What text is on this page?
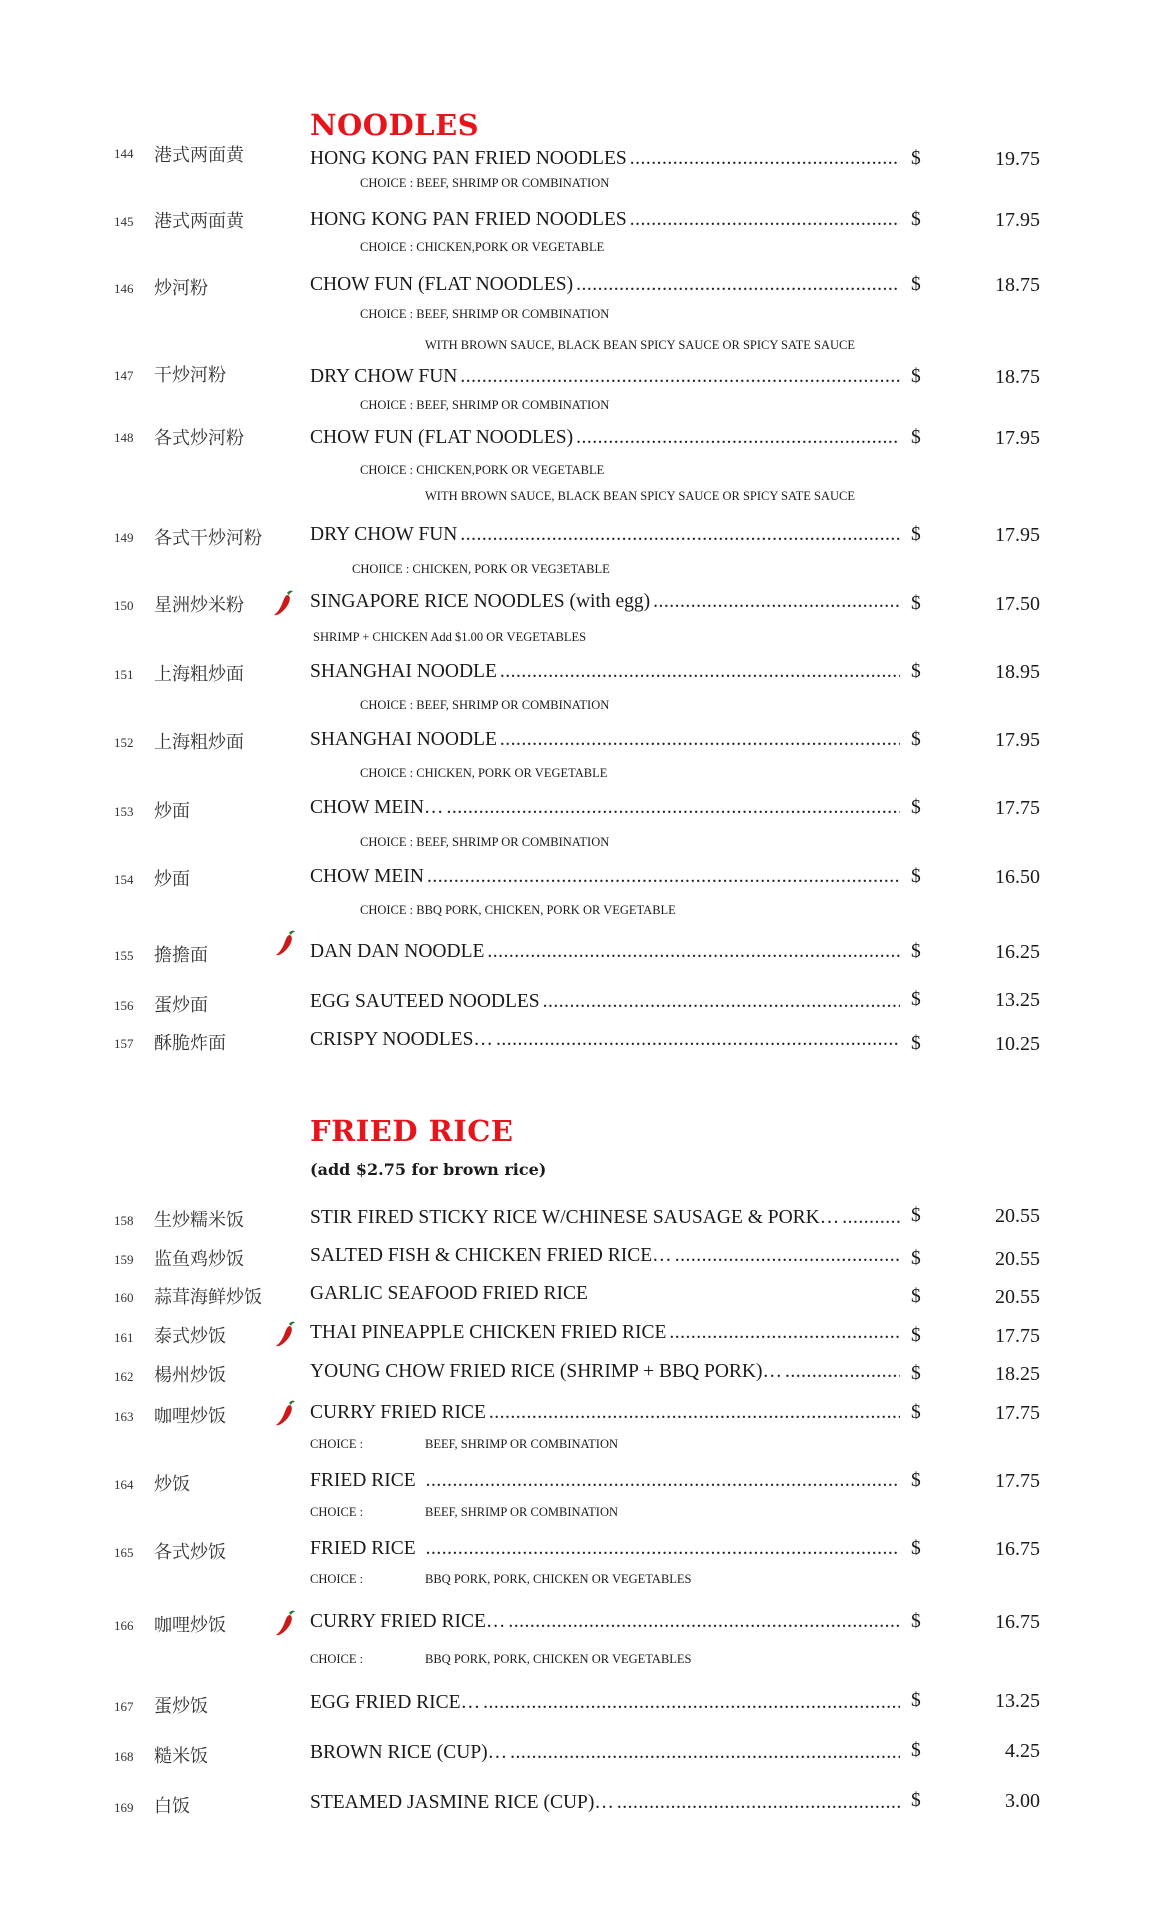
NOODLES
144 港式两面黄	HONG KONG PAN FRIED NOODLES .....	$	19.75
CHOICE : BEEF, SHRIMP OR COMBINATION
145 港式两面黄	HONG KONG PAN FRIED NOODLES .....	$	17.95
CHOICE : CHICKEN,PORK OR VEGETABLE
146 炒河粉	CHOW FUN (FLAT NOODLES) .....	$	18.75
CHOICE : BEEF, SHRIMP OR COMBINATION
WITH BROWN SAUCE, BLACK BEAN SPICY SAUCE OR SPICY SATE SAUCE
147 干炒河粉	DRY CHOW FUN .....	$	18.75
CHOICE : BEEF, SHRIMP OR COMBINATION
148 各式炒河粉	CHOW FUN (FLAT NOODLES) .....	$	17.95
CHOICE : CHICKEN,PORK OR VEGETABLE
WITH BROWN SAUCE, BLACK BEAN SPICY SAUCE OR SPICY SATE SAUCE
149 各式干炒河粉 DRY CHOW FUN .....	$	17.95
CHOIICE : CHICKEN, PORK OR VEG3ETABLE
150 星洲炒米粉	SINGAPORE RICE NOODLES (with egg) .....	$	17.50
SHRIMP + CHICKEN Add $1.00 OR VEGETABLES
151 上海粗炒面	SHANGHAI NOODLE .....	$	18.95
CHOICE : BEEF, SHRIMP OR COMBINATION
152 上海粗炒面	SHANGHAI NOODLE .....	$	17.95
CHOICE : CHICKEN, PORK OR VEGETABLE
153 炒面	CHOW MEIN… .....	$	17.75
CHOICE : BEEF, SHRIMP OR COMBINATION
154 炒面	CHOW MEIN .....	$	16.50
CHOICE : BBQ PORK, CHICKEN, PORK OR VEGETABLE
155 擔擔面	DAN DAN NOODLE .....	$	16.25
156 蛋炒面	EGG SAUTEED NOODLES .....	$	13.25
157 酥脆炸面	CRISPY NOODLES… .....	$	10.25
FRIED RICE
(add $2.75 for brown rice)
158 生炒糯米饭	STIR FIRED STICKY RICE W/CHINESE SAUSAGE & PORK… .....	$	20.55
159 监鱼鸡炒饭	SALTED FISH & CHICKEN FRIED RICE… .....	$	20.55
160 蒜茸海鲜炒饭 GARLIC SEAFOOD FRIED RICE	$	20.55
161 泰式炒饭	THAI PINEAPPLE CHICKEN FRIED RICE .....	$	17.75
162 楊州炒饭	YOUNG CHOW FRIED RICE (SHRIMP + BBQ PORK)… .....	$	18.25
163 咖哩炒饭	CURRY FRIED RICE .....	$	17.75
CHOICE :	BEEF, SHRIMP OR COMBINATION
164 炒饭	FRIED RICE .....	$	17.75
CHOICE :	BEEF, SHRIMP OR COMBINATION
165 各式炒饭	FRIED RICE .....	$	16.75
CHOICE :	BBQ PORK, PORK, CHICKEN OR VEGETABLES
166 咖哩炒饭	CURRY FRIED RICE… .....	$	16.75
CHOICE :	BBQ PORK, PORK, CHICKEN OR VEGETABLES
167 蛋炒饭	EGG FRIED RICE… .....	$	13.25
168 糙米饭	BROWN RICE (CUP)… .....	$	4.25
169 白饭	STEAMED JASMINE RICE (CUP)… .....	$	3.00
